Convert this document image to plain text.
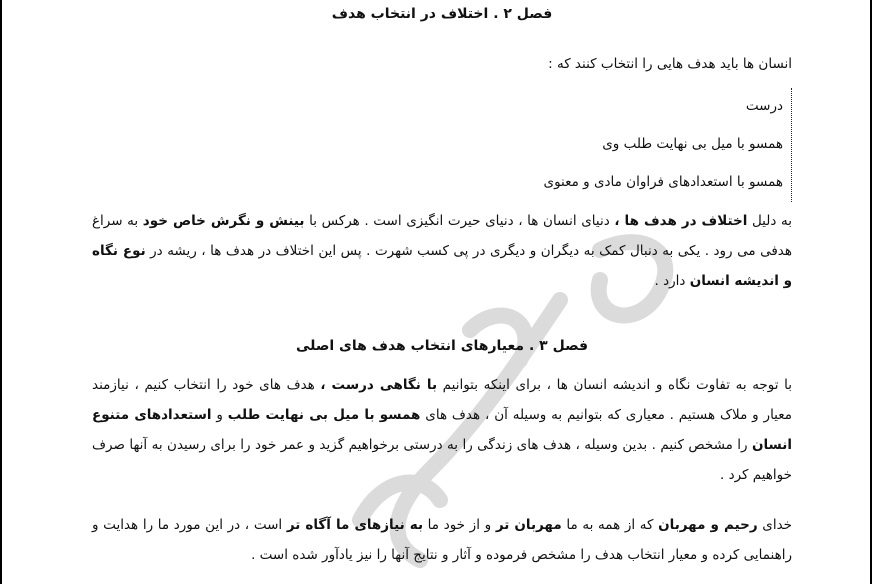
فصل ۲ . اختلاف در انتخاب هدف
انسان ها باید هدف هایی را انتخاب کنند که :
درست
همسو با میل بی نهایت طلب وی
همسو با استعدادهای فراوان مادی و معنوی
به دلیل اختلاف در هدف ها ، دنیای انسان ها ، دنیای حیرت انگیزی است . هرکس با بینش و نگرش خاص خود به سراغ هدفی می رود . یکی به دنبال کمک به دیگران و دیگری در پی کسب شهرت . پس این اختلاف در هدف ها ، ریشه در نوع نگاه و اندیشه انسان دارد .
فصل ۳ . معیارهای انتخاب هدف های اصلی
با توجه به تفاوت نگاه و اندیشه انسان ها ، برای اینکه بتوانیم با نگاهی درست ، هدف های خود را انتخاب کنیم ، نیازمند معیار و ملاک هستیم . معیاری که بتوانیم به وسیله آن ، هدف های همسو با میل بی نهایت طلب و استعدادهای متنوع انسان را مشخص کنیم . بدین وسیله ، هدف های زندگی را به درستی برخواهیم گزید و عمر خود را برای رسیدن به آنها صرف خواهیم کرد .
خدای رحیم و مهربان که از همه به ما مهربان تر و از خود ما به نیازهای ما آگاه تر است ، در این مورد ما را هدایت و راهنمایی کرده و معیار انتخاب هدف را مشخص فرموده و آثار و نتایج آنها را نیز یادآور شده است .
